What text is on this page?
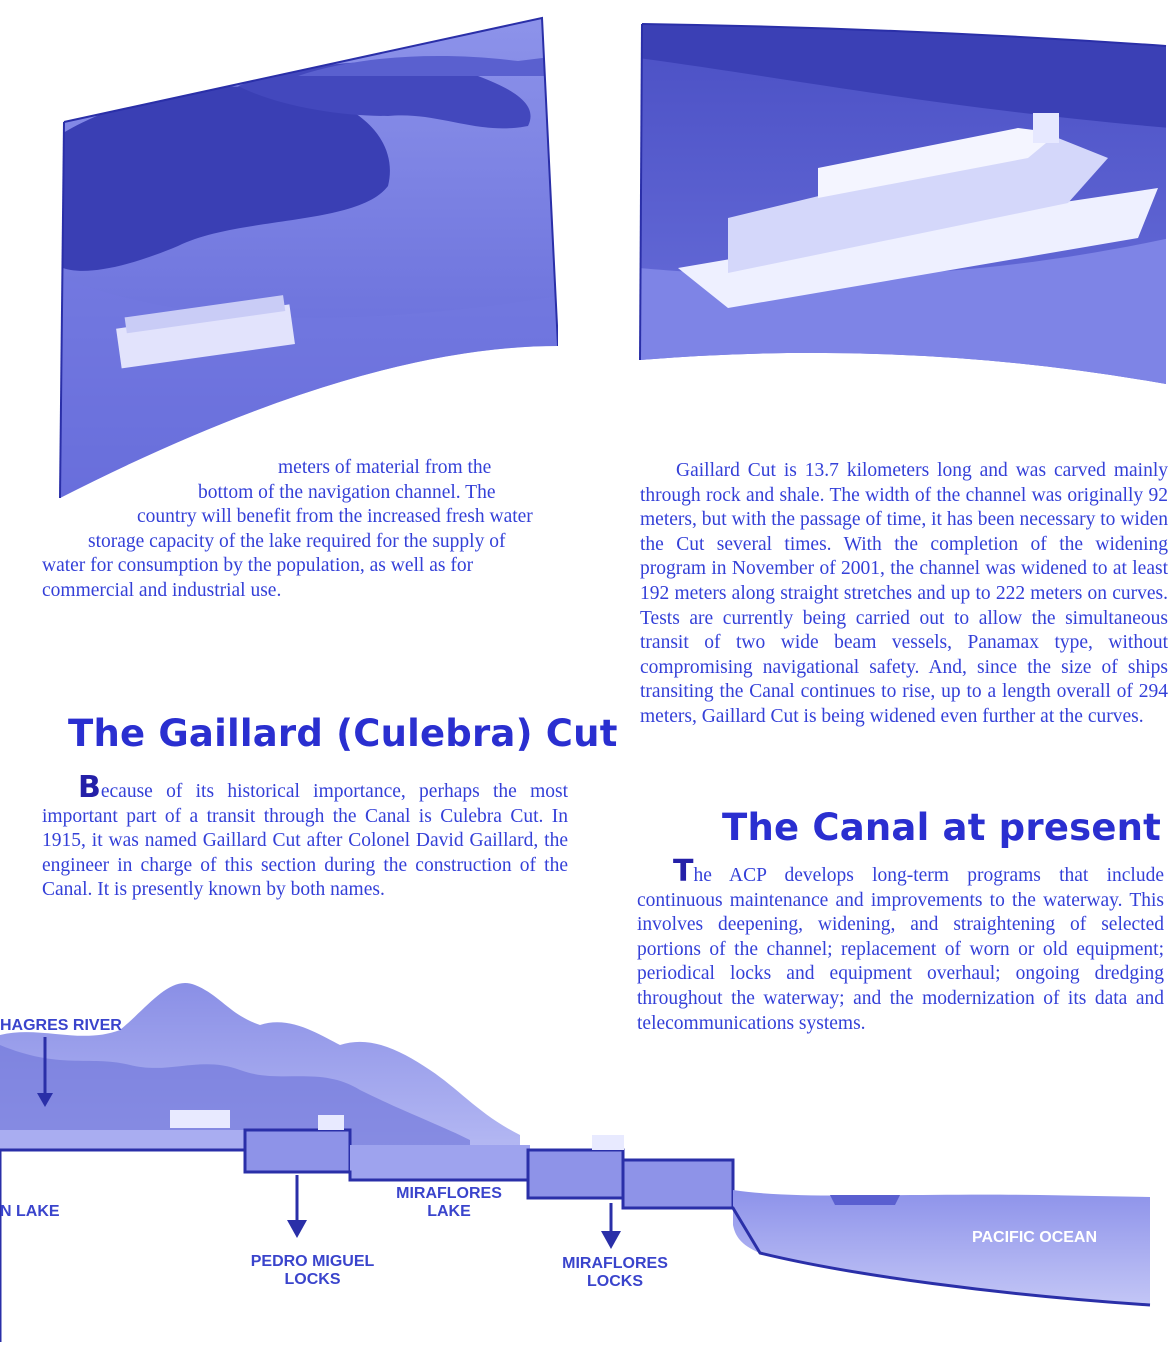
meters of material from the

bottom of the navigation channel. The

country will benefit from the increased fresh water

storage capacity of the lake required for the supply of

water for consumption by the population, as well as for

commercial and industrial use.

The Gaillard (Culebra) Cut

Because of its historical importance, perhaps the most important part of a transit through the Canal is Culebra Cut. In 1915, it was named Gaillard Cut after Colonel David Gaillard, the engineer in charge of this section during the construction of the Canal. It is presently known by both names.

Gaillard Cut is 13.7 kilometers long and was carved mainly through rock and shale. The width of the channel was originally 92 meters, but with the passage of time, it has been necessary to widen the Cut several times. With the completion of the widening program in November of 2001, the channel was widened to at least 192 meters along straight stretches and up to 222 meters on curves. Tests are currently being carried out to allow the simultaneous transit of two wide beam vessels, Panamax type, without compromising navigational safety. And, since the size of ships transiting the Canal continues to rise, up to a length overall of 294 meters, Gaillard Cut is being widened even further at the curves.

The Canal at present

The ACP develops long-term programs that include continuous maintenance and improvements to the waterway. This involves deepening, widening, and straightening of selected portions of the channel; replacement of worn or old equipment; periodical locks and equipment overhaul; ongoing dredging throughout the waterway; and the modernization of its data and telecommunications systems.

HAGRES RIVER
N LAKE
PEDRO MIGUEL
LOCKS
MIRAFLORES
LAKE
MIRAFLORES
LOCKS
PACIFIC OCEAN
